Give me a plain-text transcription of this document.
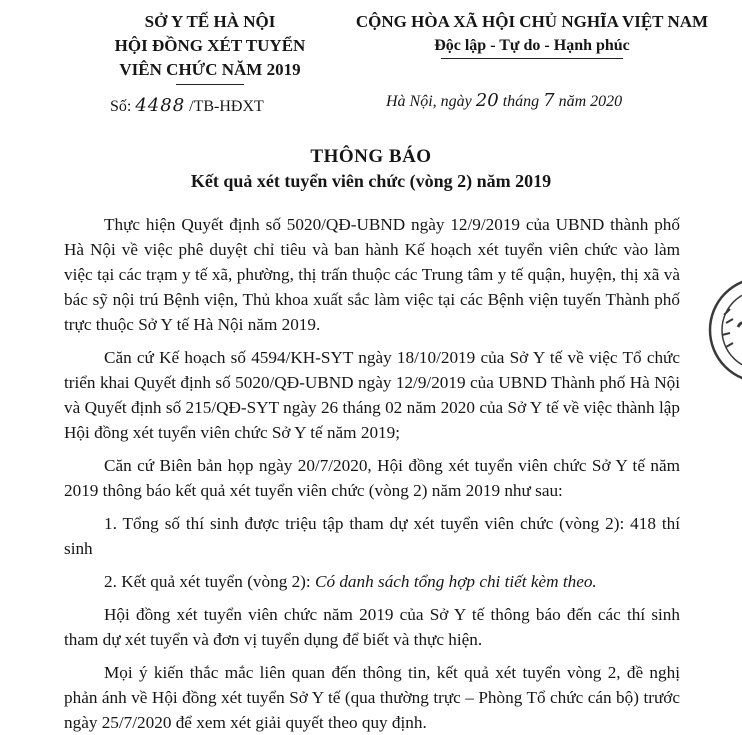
SỞ Y TẾ HÀ NỘI
HỘI ĐỒNG XÉT TUYỂN
VIÊN CHỨC NĂM 2019
CỘNG HÒA XÃ HỘI CHỦ NGHĨA VIỆT NAM
Độc lập - Tự do - Hạnh phúc
Số: 4488 /TB-HĐXT	Hà Nội, ngày 20 tháng 7 năm 2020
THÔNG BÁO
Kết quả xét tuyển viên chức (vòng 2) năm 2019

Thực hiện Quyết định số 5020/QĐ-UBND ngày 12/9/2019 của UBND thành phố Hà Nội về việc phê duyệt chỉ tiêu và ban hành Kế hoạch xét tuyển viên chức vào làm việc tại các trạm y tế xã, phường, thị trấn thuộc các Trung tâm y tế quận, huyện, thị xã và bác sỹ nội trú Bệnh viện, Thủ khoa xuất sắc làm việc tại các Bệnh viện tuyến Thành phố trực thuộc Sở Y tế Hà Nội năm 2019.

Căn cứ Kế hoạch số 4594/KH-SYT ngày 18/10/2019 của Sở Y tế về việc Tổ chức triển khai Quyết định số 5020/QĐ-UBND ngày 12/9/2019 của UBND Thành phố Hà Nội và Quyết định số 215/QĐ-SYT ngày 26 tháng 02 năm 2020 của Sở Y tế về việc thành lập Hội đồng xét tuyển viên chức Sở Y tế năm 2019;

Căn cứ Biên bản họp ngày 20/7/2020, Hội đồng xét tuyển viên chức Sở Y tế năm 2019 thông báo kết quả xét tuyển viên chức (vòng 2) năm 2019 như sau:

1. Tổng số thí sinh được triệu tập tham dự xét tuyển viên chức (vòng 2): 418 thí sinh

2. Kết quả xét tuyển (vòng 2): Có danh sách tổng hợp chi tiết kèm theo.

Hội đồng xét tuyển viên chức năm 2019 của Sở Y tế thông báo đến các thí sinh tham dự xét tuyển và đơn vị tuyển dụng để biết và thực hiện.

Mọi ý kiến thắc mắc liên quan đến thông tin, kết quả xét tuyển vòng 2, đề nghị phản ánh về Hội đồng xét tuyển Sở Y tế (qua thường trực – Phòng Tổ chức cán bộ) trước ngày 25/7/2020 để xem xét giải quyết theo quy định.
